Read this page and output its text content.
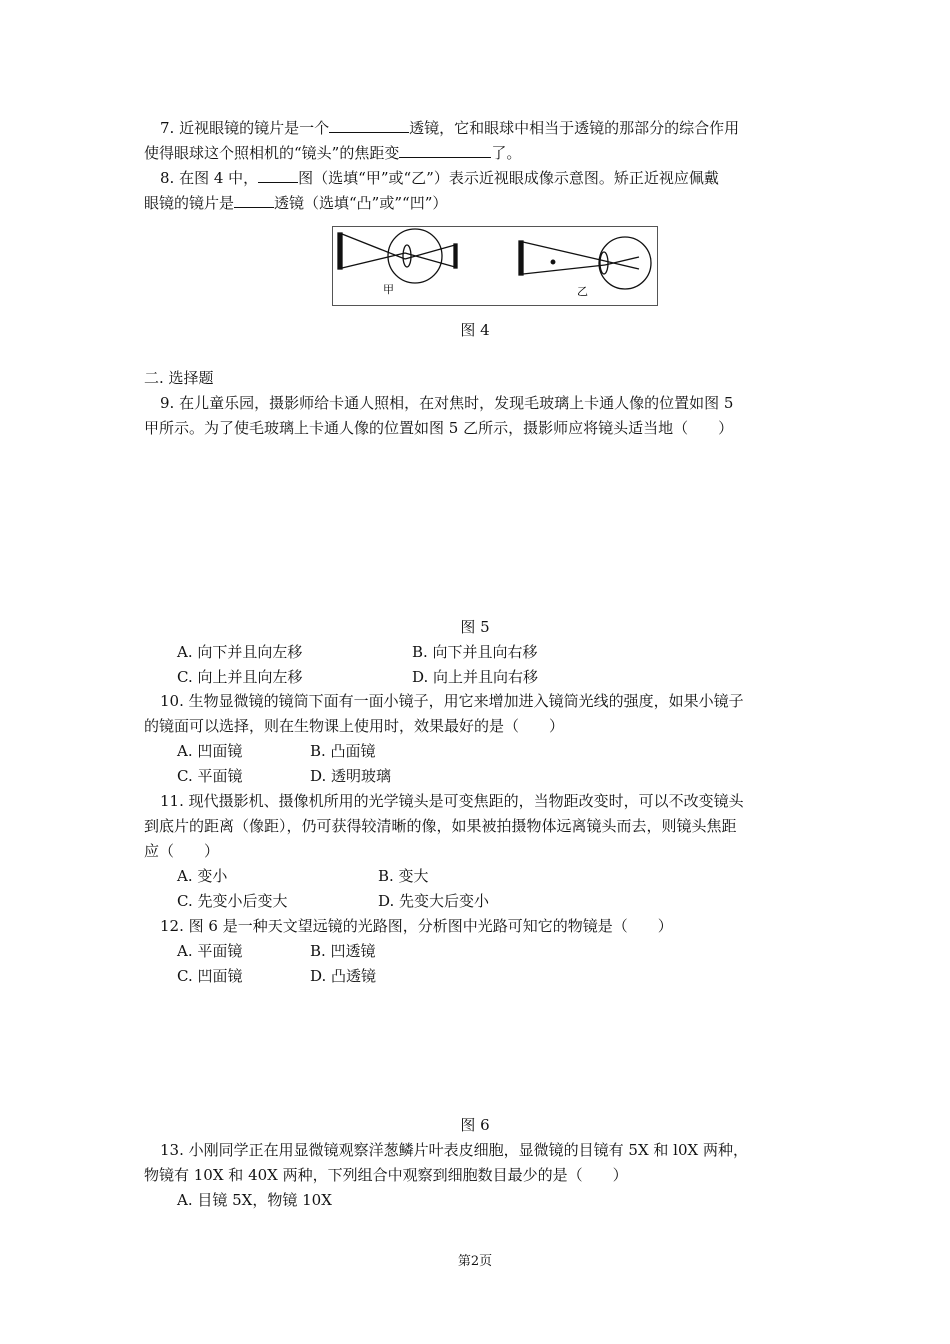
7. 近视眼镜的镜片是一个	透镜，它和眼球中相当于透镜的那部分的综合作用
使得眼球这个照相机的“镜头”的焦距变	了。
8. 在图 4 中，	图（选填“甲”或“乙”）表示近视眼成像示意图。矫正近视应佩戴
眼镜的镜片是	透镜（选填“凸”或”“凹”）
甲	乙
图 4
二. 选择题
9. 在儿童乐园，摄影师给卡通人照相，在对焦时，发现毛玻璃上卡通人像的位置如图 5
甲所示。为了使毛玻璃上卡通人像的位置如图 5 乙所示，摄影师应将镜头适当地（　　）
图 5
A. 向下并且向左移	B. 向下并且向右移
C. 向上并且向左移	D. 向上并且向右移
10. 生物显微镜的镜筒下面有一面小镜子，用它来增加进入镜筒光线的强度，如果小镜子
的镜面可以选择，则在生物课上使用时，效果最好的是（　　）
A. 凹面镜	B. 凸面镜
C. 平面镜	D. 透明玻璃
11. 现代摄影机、摄像机所用的光学镜头是可变焦距的，当物距改变时，可以不改变镜头
到底片的距离（像距），仍可获得较清晰的像，如果被拍摄物体远离镜头而去，则镜头焦距
应（　　）
A. 变小	B. 变大
C. 先变小后变大	D. 先变大后变小
12. 图 6 是一种天文望远镜的光路图，分析图中光路可知它的物镜是（　　）
A. 平面镜	B. 凹透镜
C. 凹面镜	D. 凸透镜
图 6
13. 小刚同学正在用显微镜观察洋葱鳞片叶表皮细胞，显微镜的目镜有 5X 和 l0X 两种，
物镜有 10X 和 40X 两种，下列组合中观察到细胞数目最少的是（　　）
A. 目镜 5X，物镜 10X
第2页
